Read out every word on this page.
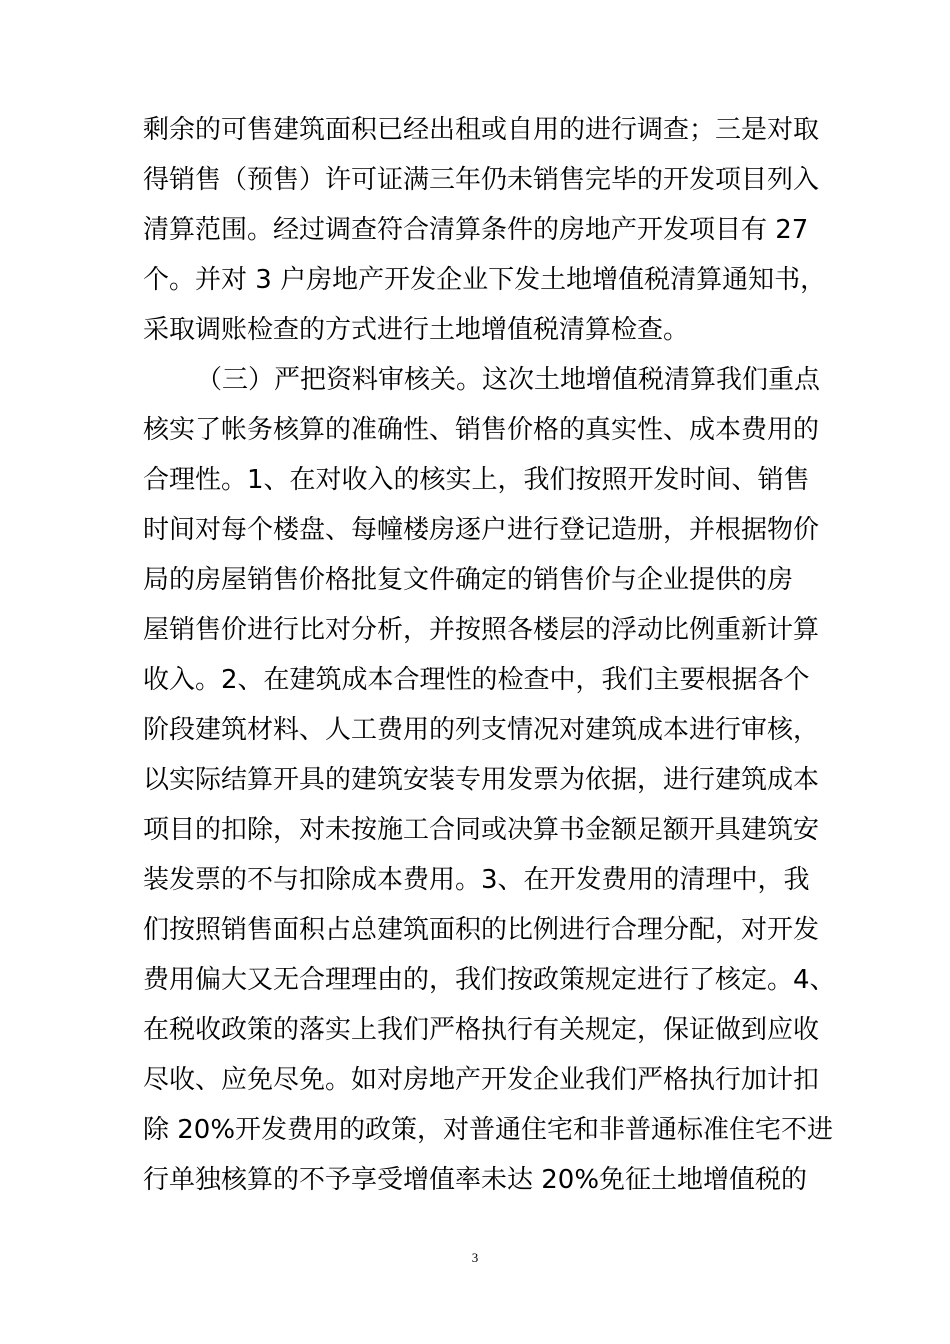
剩余的可售建筑面积已经出租或自用的进行调查；三是对取
得销售（预售）许可证满三年仍未销售完毕的开发项目列入
清算范围。经过调查符合清算条件的房地产开发项目有 27
个。并对 3 户房地产开发企业下发土地增值税清算通知书，
采取调账检查的方式进行土地增值税清算检查。
（三）严把资料审核关。这次土地增值税清算我们重点
核实了帐务核算的准确性、销售价格的真实性、成本费用的
合理性。1、在对收入的核实上，我们按照开发时间、销售
时间对每个楼盘、每幢楼房逐户进行登记造册，并根据物价
局的房屋销售价格批复文件确定的销售价与企业提供的房
屋销售价进行比对分析，并按照各楼层的浮动比例重新计算
收入。2、在建筑成本合理性的检查中，我们主要根据各个
阶段建筑材料、人工费用的列支情况对建筑成本进行审核，
以实际结算开具的建筑安装专用发票为依据，进行建筑成本
项目的扣除，对未按施工合同或决算书金额足额开具建筑安
装发票的不与扣除成本费用。3、在开发费用的清理中，我
们按照销售面积占总建筑面积的比例进行合理分配，对开发
费用偏大又无合理理由的，我们按政策规定进行了核定。4、
在税收政策的落实上我们严格执行有关规定，保证做到应收
尽收、应免尽免。如对房地产开发企业我们严格执行加计扣
除 20%开发费用的政策，对普通住宅和非普通标准住宅不进
行单独核算的不予享受增值率未达 20%免征土地增值税的
3
